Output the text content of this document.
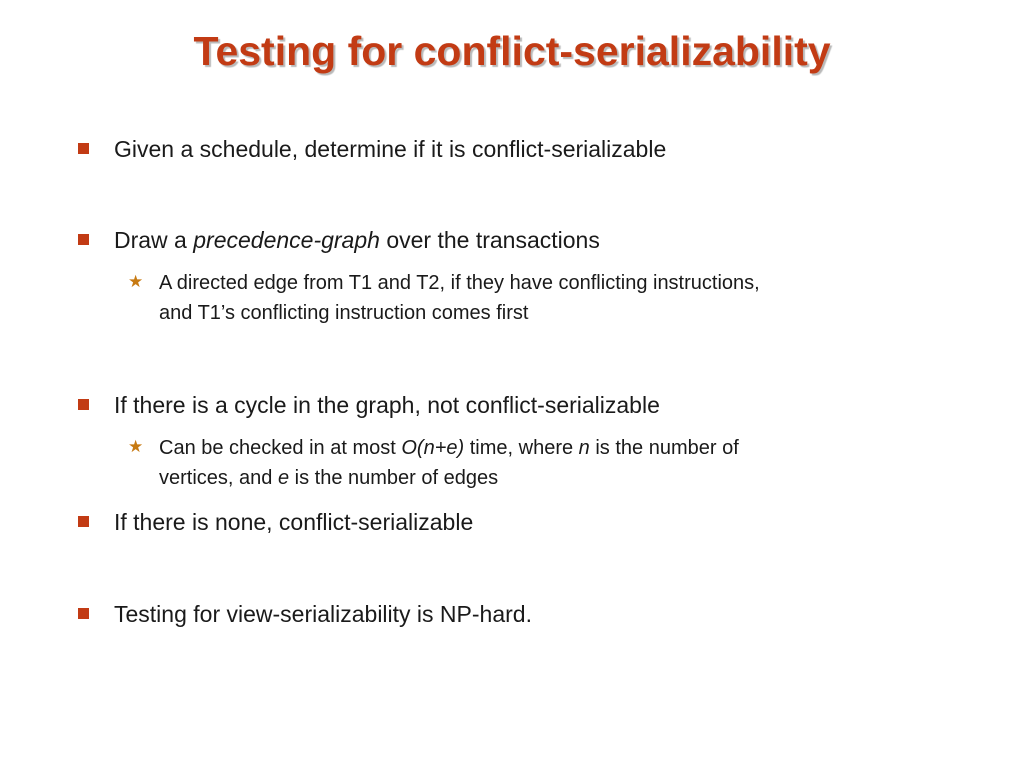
Testing for conflict-serializability
Given a schedule, determine if it is conflict-serializable
Draw a precedence-graph over the transactions
★ A directed edge from T1 and T2, if they have conflicting instructions,
and T1’s conflicting instruction comes first
If there is a cycle in the graph, not conflict-serializable
★ Can be checked in at most O(n+e) time, where n is the number of
vertices, and e is the number of edges
If there is none, conflict-serializable
Testing for view-serializability is NP-hard.
